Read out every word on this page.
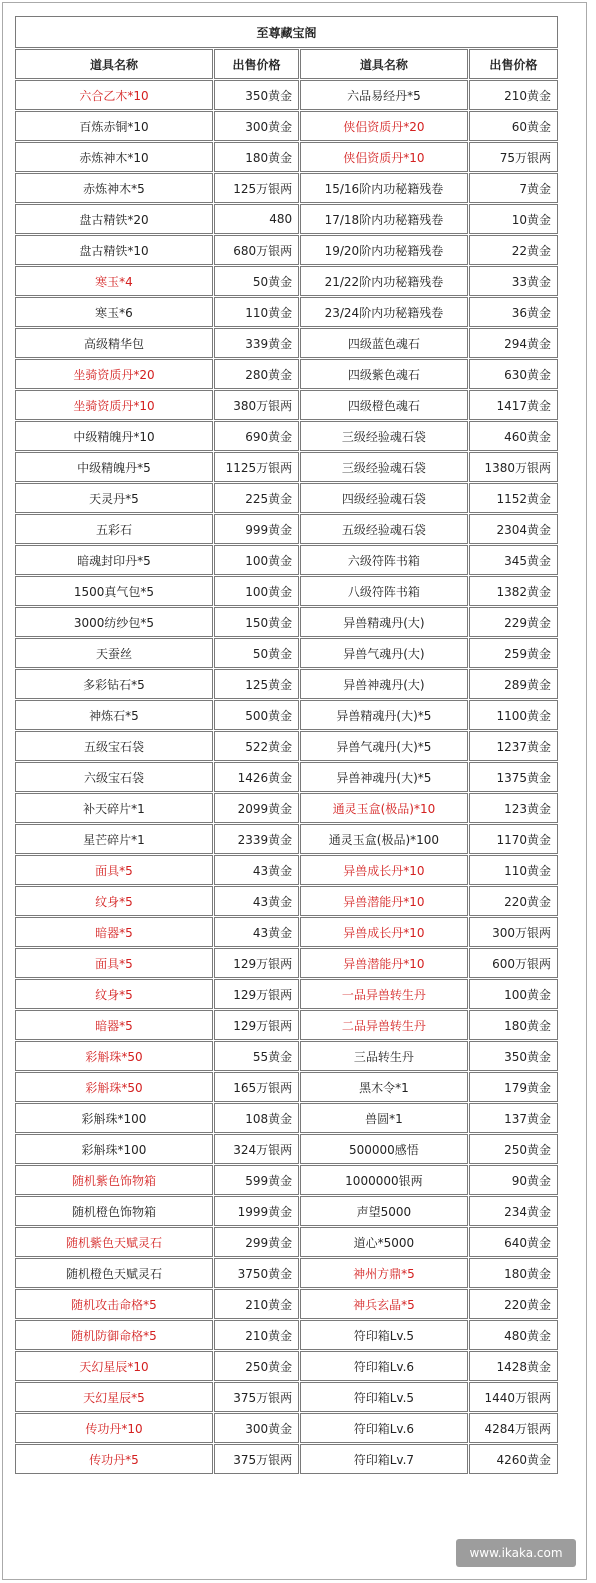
至尊藏宝阁			
道具名称	出售价格	道具名称	出售价格
六合乙木*10	350黄金	六品易经丹*5	210黄金
百炼赤铜*10	300黄金	侠侣资质丹*20	60黄金
赤炼神木*10	180黄金	侠侣资质丹*10	75万银两
赤炼神木*5	125万银两	15/16阶内功秘籍残卷	7黄金
盘古精铁*20	480	17/18阶内功秘籍残卷	10黄金
盘古精铁*10	680万银两	19/20阶内功秘籍残卷	22黄金
寒玉*4	50黄金	21/22阶内功秘籍残卷	33黄金
寒玉*6	110黄金	23/24阶内功秘籍残卷	36黄金
高级精华包	339黄金	四级蓝色魂石	294黄金
坐骑资质丹*20	280黄金	四级紫色魂石	630黄金
坐骑资质丹*10	380万银两	四级橙色魂石	1417黄金
中级精魄丹*10	690黄金	三级经验魂石袋	460黄金
中级精魄丹*5	1125万银两	三级经验魂石袋	1380万银两
天灵丹*5	225黄金	四级经验魂石袋	1152黄金
五彩石	999黄金	五级经验魂石袋	2304黄金
暗魂封印丹*5	100黄金	六级符阵书箱	345黄金
1500真气包*5	100黄金	八级符阵书箱	1382黄金
3000纺纱包*5	150黄金	异兽精魂丹(大)	229黄金
天蚕丝	50黄金	异兽气魂丹(大)	259黄金
多彩钻石*5	125黄金	异兽神魂丹(大)	289黄金
神炼石*5	500黄金	异兽精魂丹(大)*5	1100黄金
五级宝石袋	522黄金	异兽气魂丹(大)*5	1237黄金
六级宝石袋	1426黄金	异兽神魂丹(大)*5	1375黄金
补天碎片*1	2099黄金	通灵玉盒(极品)*10	123黄金
星芒碎片*1	2339黄金	通灵玉盒(极品)*100	1170黄金
面具*5	43黄金	异兽成长丹*10	110黄金
纹身*5	43黄金	异兽潜能丹*10	220黄金
暗器*5	43黄金	异兽成长丹*10	300万银两
面具*5	129万银两	异兽潜能丹*10	600万银两
纹身*5	129万银两	一品异兽转生丹	100黄金
暗器*5	129万银两	二品异兽转生丹	180黄金
彩斛珠*50	55黄金	三品转生丹	350黄金
彩斛珠*50	165万银两	黑木令*1	179黄金
彩斛珠*100	108黄金	兽圆*1	137黄金
彩斛珠*100	324万银两	500000感悟	250黄金
随机紫色饰物箱	599黄金	1000000银两	90黄金
随机橙色饰物箱	1999黄金	声望5000	234黄金
随机紫色天赋灵石	299黄金	道心*5000	640黄金
随机橙色天赋灵石	3750黄金	神州方鼎*5	180黄金
随机攻击命格*5	210黄金	神兵玄晶*5	220黄金
随机防御命格*5	210黄金	符印箱Lv.5	480黄金
天幻星辰*10	250黄金	符印箱Lv.6	1428黄金
天幻星辰*5	375万银两	符印箱Lv.5	1440万银两
传功丹*10	300黄金	符印箱Lv.6	4284万银两
传功丹*5	375万银两	符印箱Lv.7	4260黄金
www.ikaka.com
